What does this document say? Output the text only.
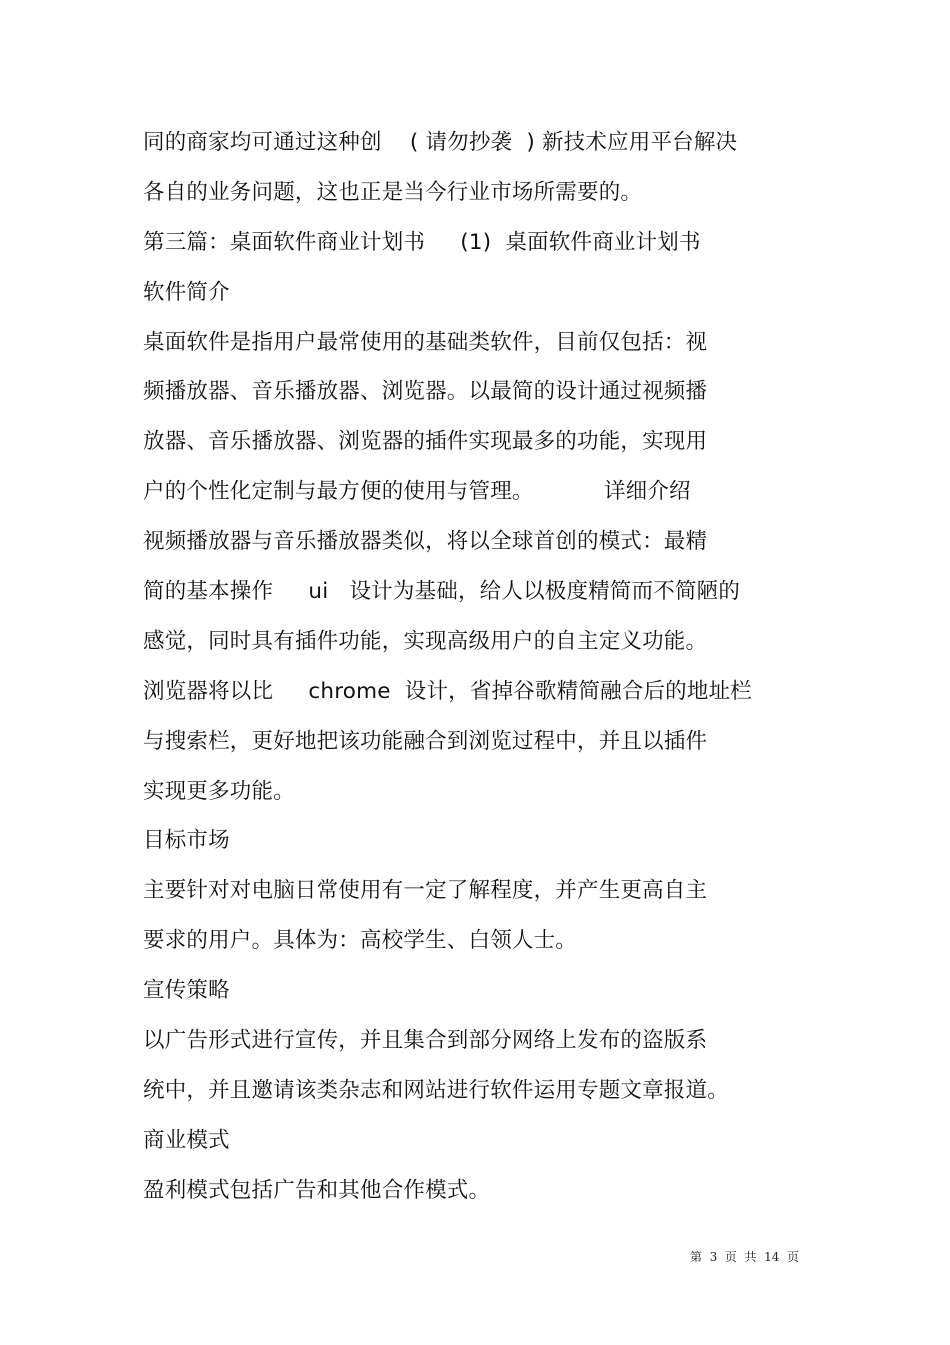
同的商家均可通过这种创    ( 请勿抄袭  ) 新技术应用平台解决
各自的业务问题，这也正是当今行业市场所需要的。
第三篇：桌面软件商业计划书     (1)  桌面软件商业计划书
软件简介
桌面软件是指用户最常使用的基础类软件，目前仅包括：视
频播放器、音乐播放器、浏览器。以最简的设计通过视频播
放器、音乐播放器、浏览器的插件实现最多的功能，实现用
户的个性化定制与最方便的使用与管理。          详细介绍
视频播放器与音乐播放器类似，将以全球首创的模式：最精
简的基本操作     ui   设计为基础，给人以极度精简而不简陋的
感觉，同时具有插件功能，实现高级用户的自主定义功能。
浏览器将以比     chrome  设计，省掉谷歌精简融合后的地址栏
与搜索栏，更好地把该功能融合到浏览过程中，并且以插件
实现更多功能。
目标市场
主要针对对电脑日常使用有一定了解程度，并产生更高自主
要求的用户。具体为：高校学生、白领人士。
宣传策略
以广告形式进行宣传，并且集合到部分网络上发布的盗版系
统中，并且邀请该类杂志和网站进行软件运用专题文章报道。
商业模式
盈利模式包括广告和其他合作模式。
第  3  页  共  14  页
